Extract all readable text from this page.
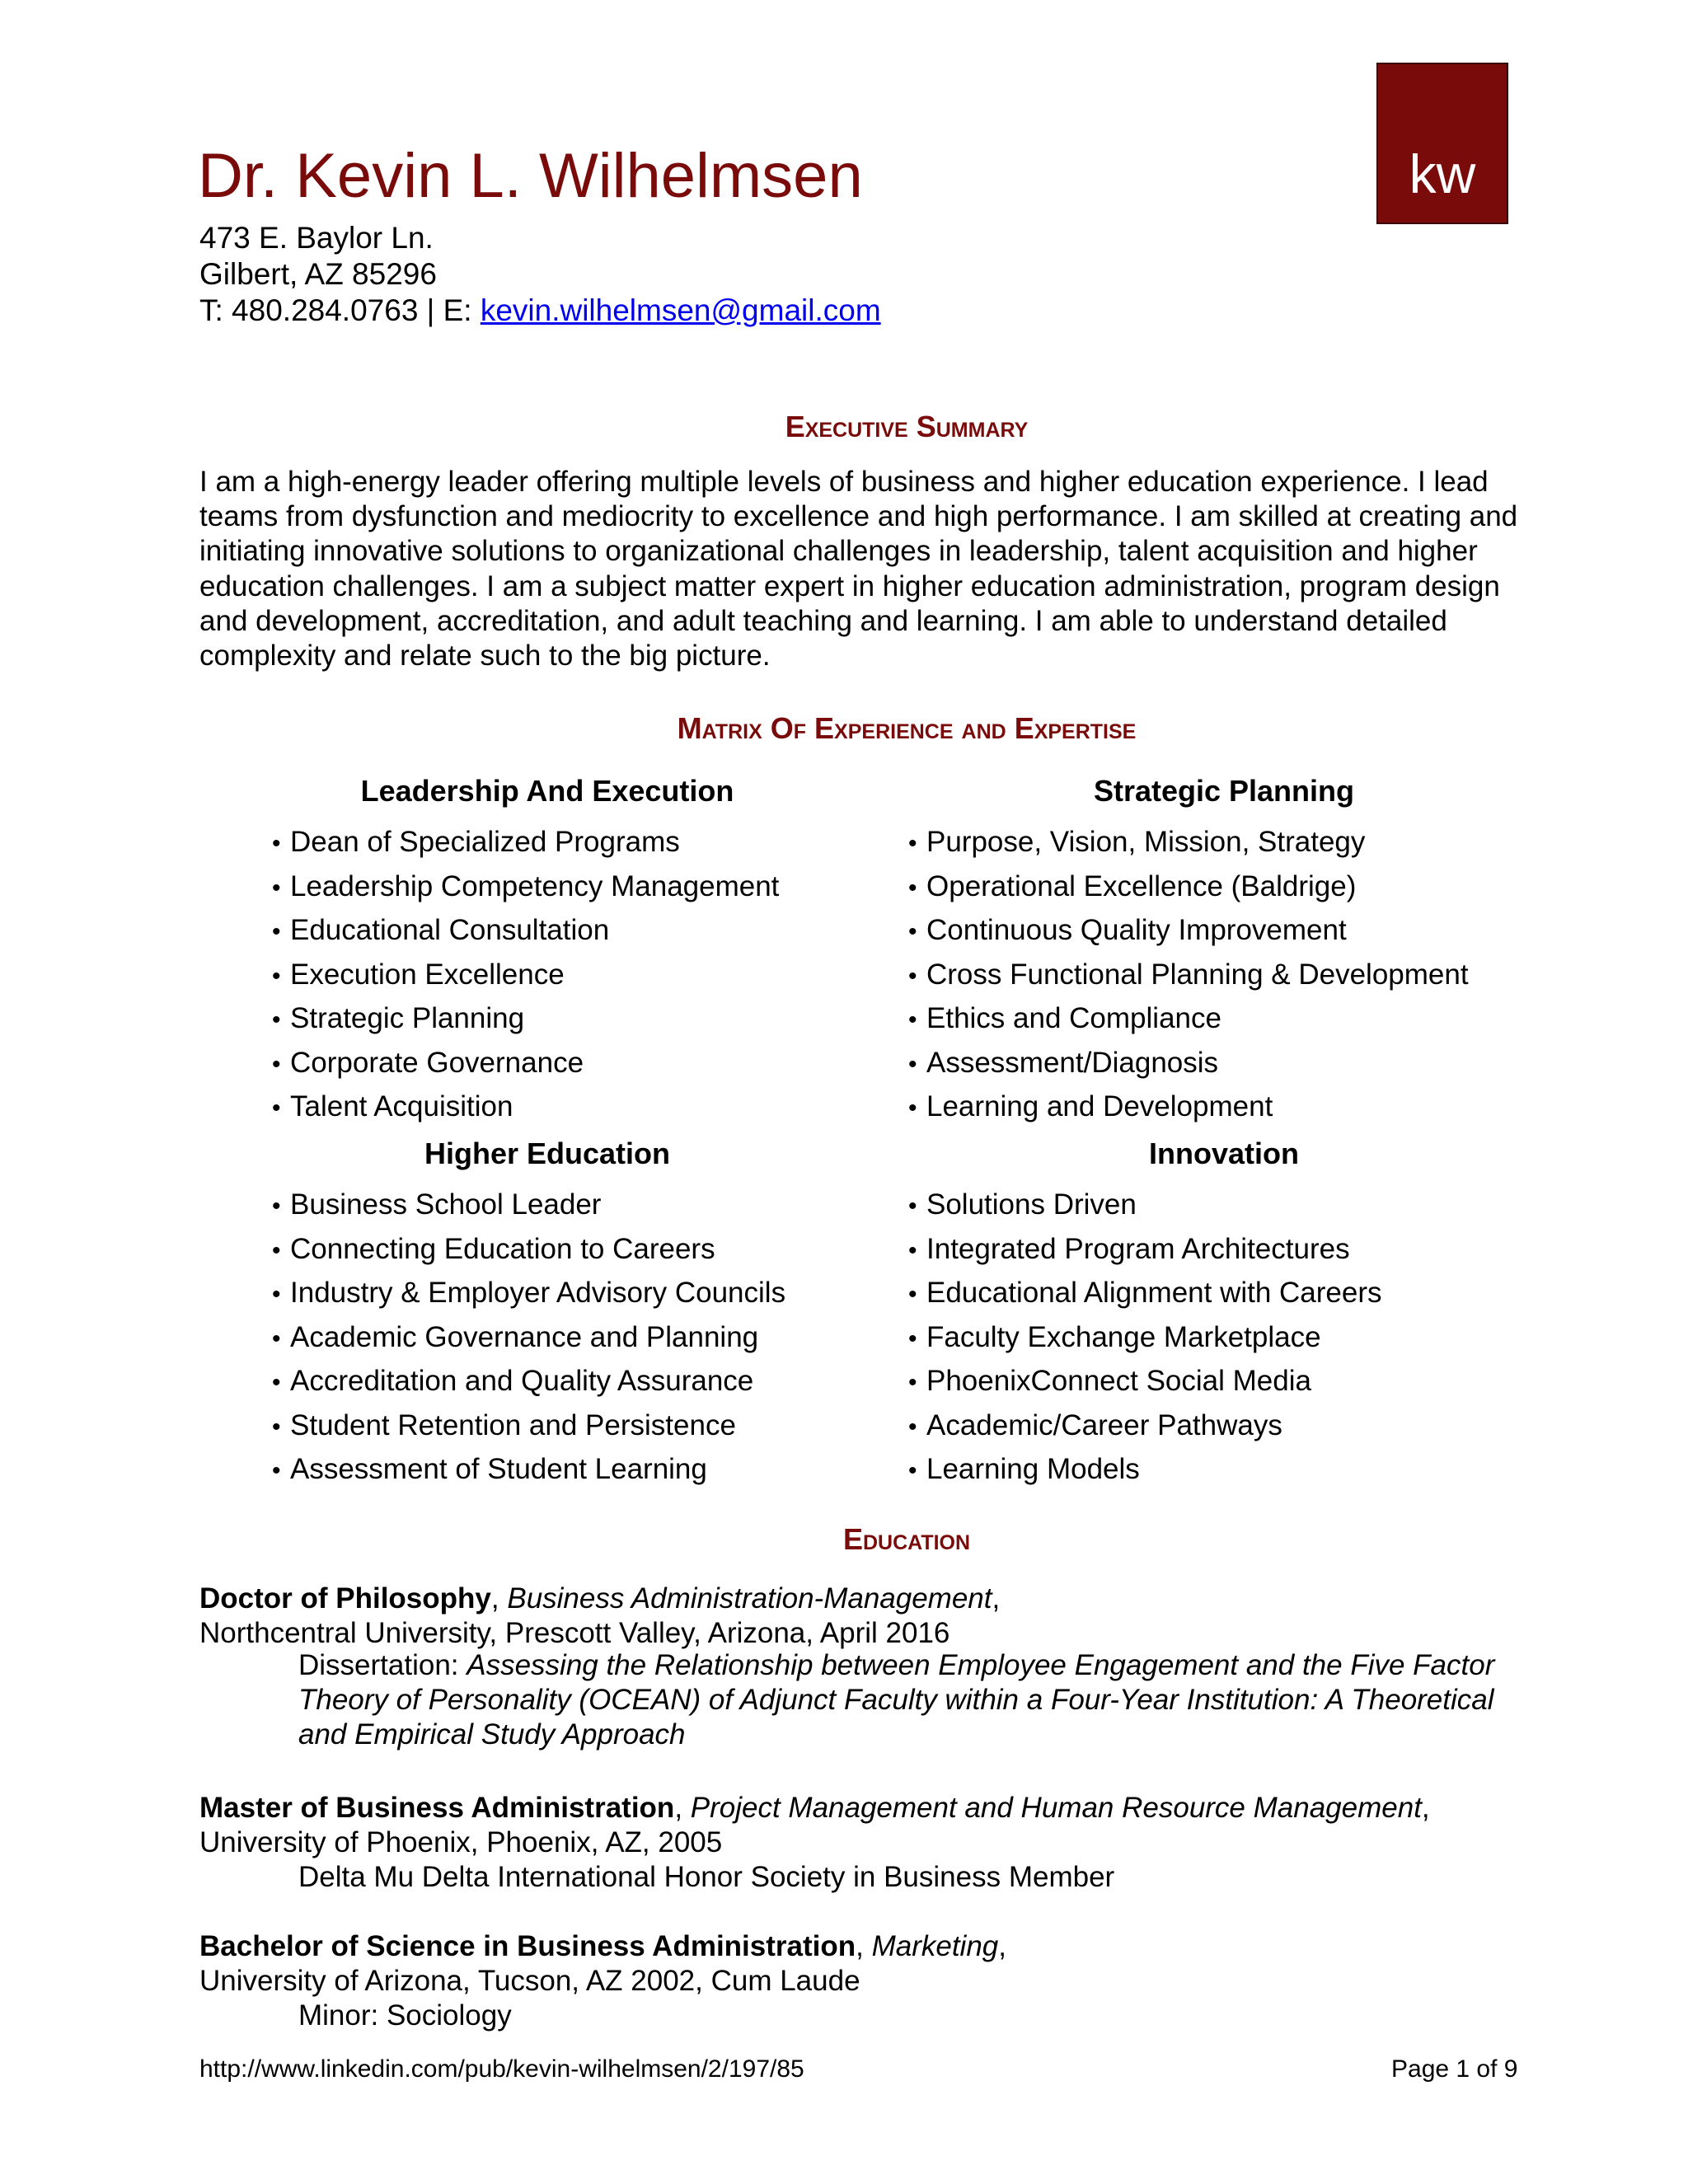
kw
Dr. Kevin L. Wilhelmsen
473 E. Baylor Ln.
Gilbert, AZ 85296
T: 480.284.0763 | E: kevin.wilhelmsen@gmail.com
Executive Summary
I am a high-energy leader offering multiple levels of business and higher education experience. I lead
teams from dysfunction and mediocrity to excellence and high performance. I am skilled at creating and
initiating innovative solutions to organizational challenges in leadership, talent acquisition and higher
education challenges. I am a subject matter expert in higher education administration, program design
and development, accreditation, and adult teaching and learning. I am able to understand detailed
complexity and relate such to the big picture.
Matrix Of Experience and Expertise
Leadership And Execution
• Dean of Specialized Programs
• Leadership Competency Management
• Educational Consultation
• Execution Excellence
• Strategic Planning
• Corporate Governance
• Talent Acquisition
Strategic Planning
• Purpose, Vision, Mission, Strategy
• Operational Excellence (Baldrige)
• Continuous Quality Improvement
• Cross Functional Planning & Development
• Ethics and Compliance
• Assessment/Diagnosis
• Learning and Development
Higher Education
• Business School Leader
• Connecting Education to Careers
• Industry & Employer Advisory Councils
• Academic Governance and Planning
• Accreditation and Quality Assurance
• Student Retention and Persistence
• Assessment of Student Learning
Innovation
• Solutions Driven
• Integrated Program Architectures
• Educational Alignment with Careers
• Faculty Exchange Marketplace
• PhoenixConnect Social Media
• Academic/Career Pathways
• Learning Models
Education
Doctor of Philosophy, Business Administration-Management,
Northcentral University, Prescott Valley, Arizona, April 2016
Dissertation: Assessing the Relationship between Employee Engagement and the Five Factor
Theory of Personality (OCEAN) of Adjunct Faculty within a Four-Year Institution: A Theoretical
and Empirical Study Approach
Master of Business Administration, Project Management and Human Resource Management,
University of Phoenix, Phoenix, AZ, 2005
Delta Mu Delta International Honor Society in Business Member
Bachelor of Science in Business Administration, Marketing,
University of Arizona, Tucson, AZ 2002, Cum Laude
Minor: Sociology
http://www.linkedin.com/pub/kevin-wilhelmsen/2/197/85	Page 1 of 9
